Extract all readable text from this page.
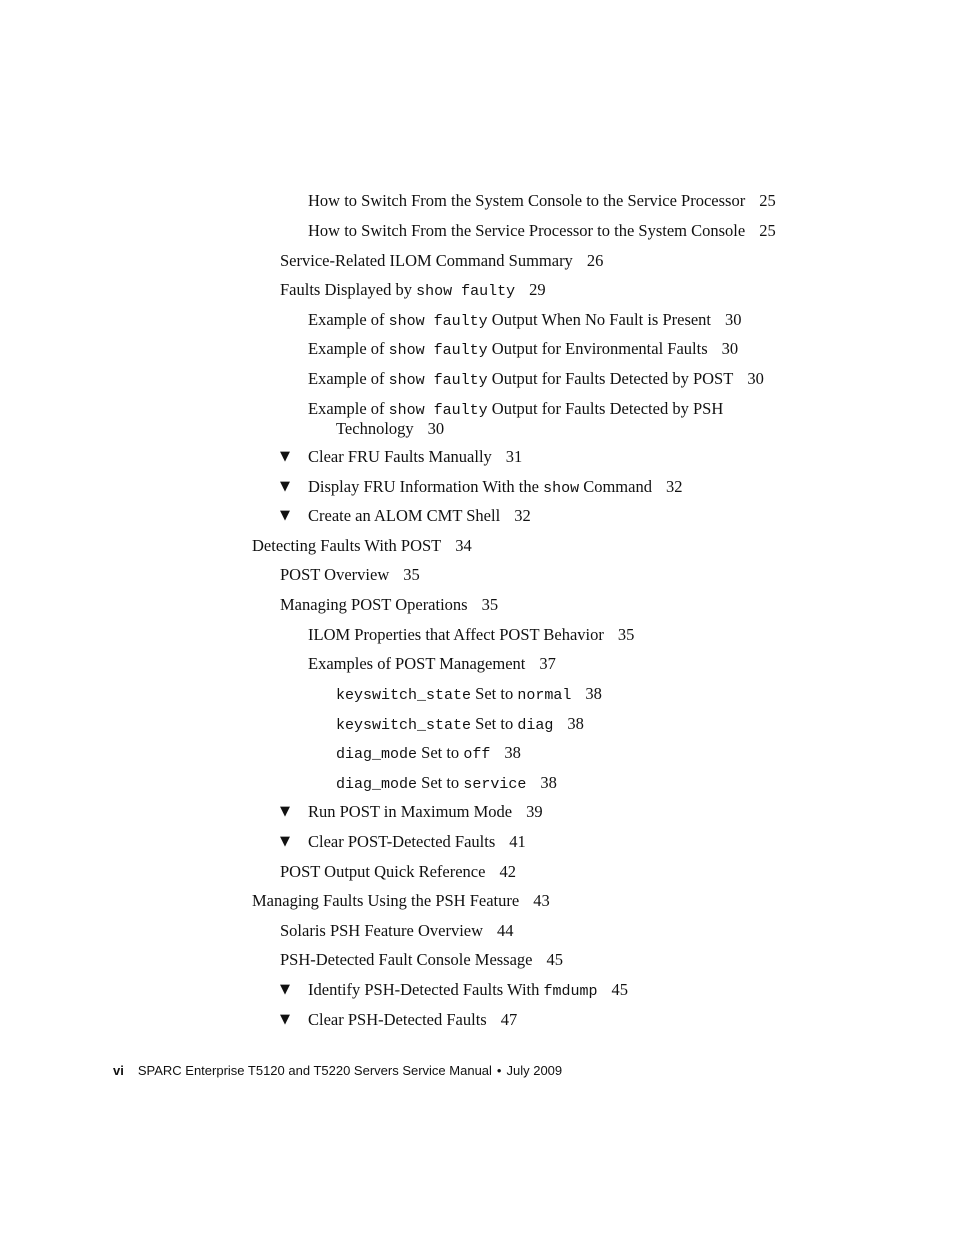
How to Switch From the System Console to the Service Processor 25
How to Switch From the Service Processor to the System Console 25
Service-Related ILOM Command Summary 26
Faults Displayed by show faulty 29
Example of show faulty Output When No Fault is Present 30
Example of show faulty Output for Environmental Faults 30
Example of show faulty Output for Faults Detected by POST 30
Example of show faulty Output for Faults Detected by PSH
Technology 30
Clear FRU Faults Manually 31
▼
Display FRU Information With the show Command 32
▼
Create an ALOM CMT Shell 32
▼
Detecting Faults With POST 34
POST Overview 35
Managing POST Operations 35
ILOM Properties that Affect POST Behavior 35
Examples of POST Management 37
keyswitch_state Set to normal 38
keyswitch_state Set to diag 38
diag_mode Set to off 38
diag_mode Set to service 38
Run POST in Maximum Mode 39
▼
Clear POST-Detected Faults 41
▼
POST Output Quick Reference 42
Managing Faults Using the PSH Feature 43
Solaris PSH Feature Overview 44
PSH-Detected Fault Console Message 45
Identify PSH-Detected Faults With fmdump 45
▼
Clear PSH-Detected Faults 47
▼
vi SPARC Enterprise T5120 and T5220 Servers Service Manual • July 2009
